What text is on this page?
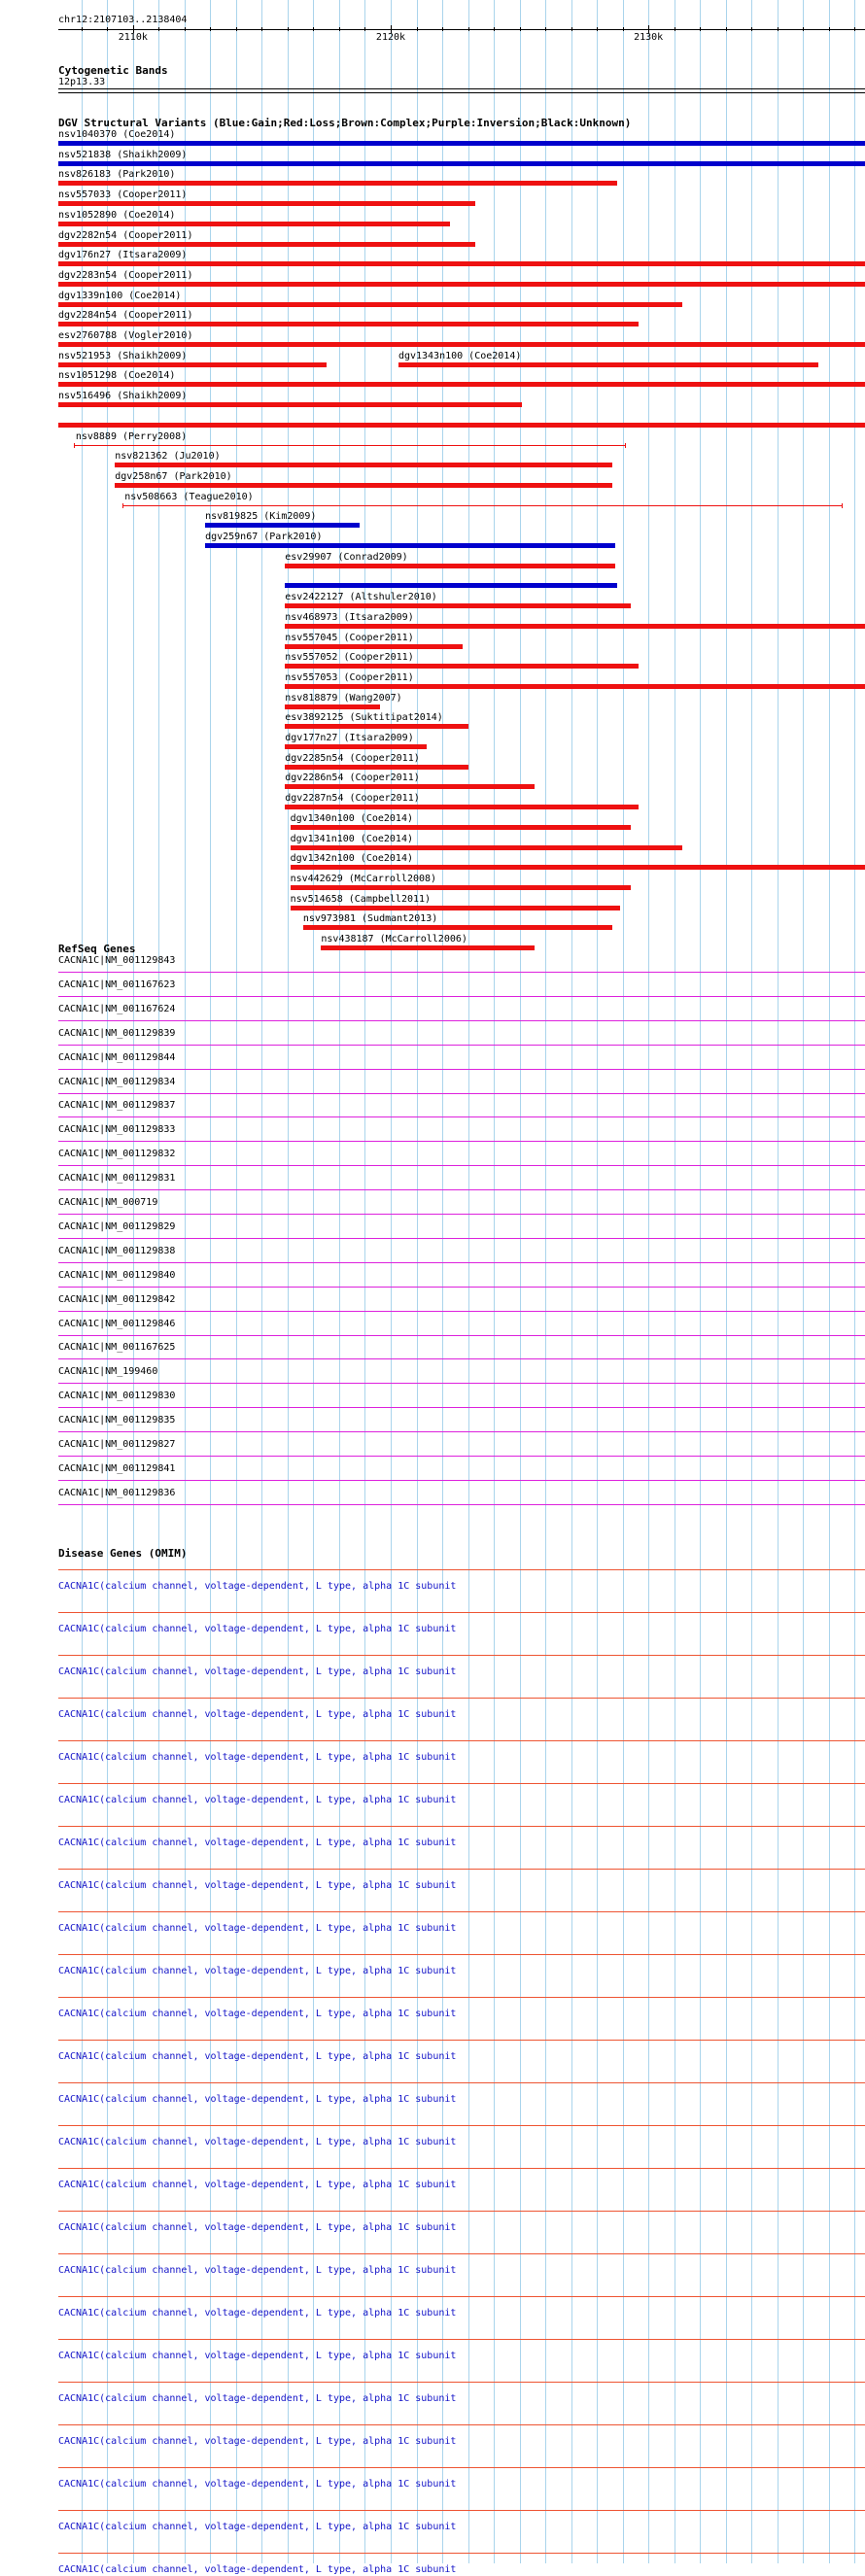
chr12:2107103..2138404
2110k	2120k	2130k
Cytogenetic Bands
12p13.33
DGV Structural Variants (Blue:Gain;Red:Loss;Brown:Complex;Purple:Inversion;Black:Unknown)
nsv1040370 (Coe2014)
nsv521838 (Shaikh2009)
nsv826183 (Park2010)
nsv557033 (Cooper2011)
nsv1052890 (Coe2014)
dgv2282n54 (Cooper2011)
dgv176n27 (Itsara2009)
dgv2283n54 (Cooper2011)
dgv1339n100 (Coe2014)
dgv2284n54 (Cooper2011)
esv2760788 (Vogler2010)
nsv521953 (Shaikh2009)	dgv1343n100 (Coe2014)
nsv1051298 (Coe2014)
nsv516496 (Shaikh2009)
nsv8889 (Perry2008)
nsv821362 (Ju2010)
dgv258n67 (Park2010)
nsv508663 (Teague2010)
nsv819825 (Kim2009)
dgv259n67 (Park2010)
esv29907 (Conrad2009)
esv2422127 (Altshuler2010)
nsv468973 (Itsara2009)
nsv557045 (Cooper2011)
nsv557052 (Cooper2011)
nsv557053 (Cooper2011)
nsv818879 (Wang2007)
esv3892125 (Suktitipat2014)
dgv177n27 (Itsara2009)
dgv2285n54 (Cooper2011)
dgv2286n54 (Cooper2011)
dgv2287n54 (Cooper2011)
dgv1340n100 (Coe2014)
dgv1341n100 (Coe2014)
dgv1342n100 (Coe2014)
nsv442629 (McCarroll2008)
nsv514658 (Campbell2011)
nsv973981 (Sudmant2013)
nsv438187 (McCarroll2006)
RefSeq Genes
CACNA1C|NM_001129843
CACNA1C|NM_001167623
CACNA1C|NM_001167624
CACNA1C|NM_001129839
CACNA1C|NM_001129844
CACNA1C|NM_001129834
CACNA1C|NM_001129837
CACNA1C|NM_001129833
CACNA1C|NM_001129832
CACNA1C|NM_001129831
CACNA1C|NM_000719
CACNA1C|NM_001129829
CACNA1C|NM_001129838
CACNA1C|NM_001129840
CACNA1C|NM_001129842
CACNA1C|NM_001129846
CACNA1C|NM_001167625
CACNA1C|NM_199460
CACNA1C|NM_001129830
CACNA1C|NM_001129835
CACNA1C|NM_001129827
CACNA1C|NM_001129841
CACNA1C|NM_001129836
Disease Genes (OMIM)
CACNA1C(calcium channel, voltage-dependent, L type, alpha 1C subunit
CACNA1C(calcium channel, voltage-dependent, L type, alpha 1C subunit
CACNA1C(calcium channel, voltage-dependent, L type, alpha 1C subunit
CACNA1C(calcium channel, voltage-dependent, L type, alpha 1C subunit
CACNA1C(calcium channel, voltage-dependent, L type, alpha 1C subunit
CACNA1C(calcium channel, voltage-dependent, L type, alpha 1C subunit
CACNA1C(calcium channel, voltage-dependent, L type, alpha 1C subunit
CACNA1C(calcium channel, voltage-dependent, L type, alpha 1C subunit
CACNA1C(calcium channel, voltage-dependent, L type, alpha 1C subunit
CACNA1C(calcium channel, voltage-dependent, L type, alpha 1C subunit
CACNA1C(calcium channel, voltage-dependent, L type, alpha 1C subunit
CACNA1C(calcium channel, voltage-dependent, L type, alpha 1C subunit
CACNA1C(calcium channel, voltage-dependent, L type, alpha 1C subunit
CACNA1C(calcium channel, voltage-dependent, L type, alpha 1C subunit
CACNA1C(calcium channel, voltage-dependent, L type, alpha 1C subunit
CACNA1C(calcium channel, voltage-dependent, L type, alpha 1C subunit
CACNA1C(calcium channel, voltage-dependent, L type, alpha 1C subunit
CACNA1C(calcium channel, voltage-dependent, L type, alpha 1C subunit
CACNA1C(calcium channel, voltage-dependent, L type, alpha 1C subunit
CACNA1C(calcium channel, voltage-dependent, L type, alpha 1C subunit
CACNA1C(calcium channel, voltage-dependent, L type, alpha 1C subunit
CACNA1C(calcium channel, voltage-dependent, L type, alpha 1C subunit
CACNA1C(calcium channel, voltage-dependent, L type, alpha 1C subunit
CACNA1C(calcium channel, voltage-dependent, L type, alpha 1C subunit
